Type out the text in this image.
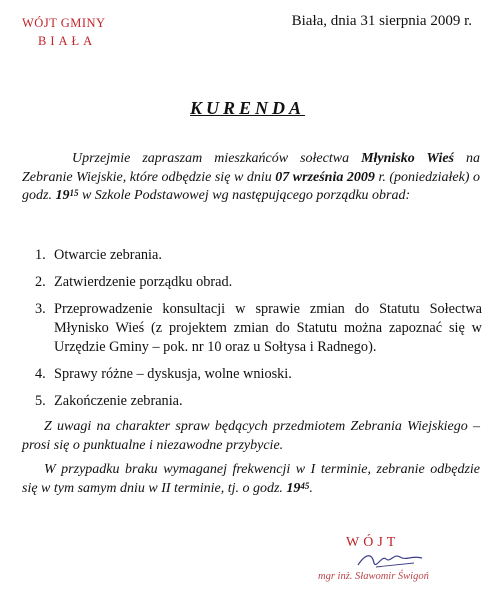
WÓJT GMINY
BIAŁA
Biała, dnia 31 sierpnia 2009 r.
KURENDA
Uprzejmie zapraszam mieszkańców sołectwa Młynisko Wieś na Zebranie Wiejskie, które odbędzie się w dniu 07 września 2009 r. (poniedziałek) o godz. $19^{15}$ w Szkole Podstawowej wg następującego porządku obrad:
1. Otwarcie zebrania.
2. Zatwierdzenie porządku obrad.
3. Przeprowadzenie konsultacji w sprawie zmian do Statutu Sołectwa Młynisko Wieś (z projektem zmian do Statutu można zapoznać się w Urzędzie Gminy – pok. nr 10 oraz u Sołtysa i Radnego).
4. Sprawy różne – dyskusja, wolne wnioski.
5. Zakończenie zebrania.

Z uwagi na charakter spraw będących przedmiotem Zebrania Wiejskiego – prosi się o punktualne i niezawodne przybycie.

W przypadku braku wymaganej frekwencji w I terminie, zebranie odbędzie się w tym samym dniu w II terminie, tj. o godz. $19^{45}$.

WÓJT
mgr inż. Sławomir Świgoń
